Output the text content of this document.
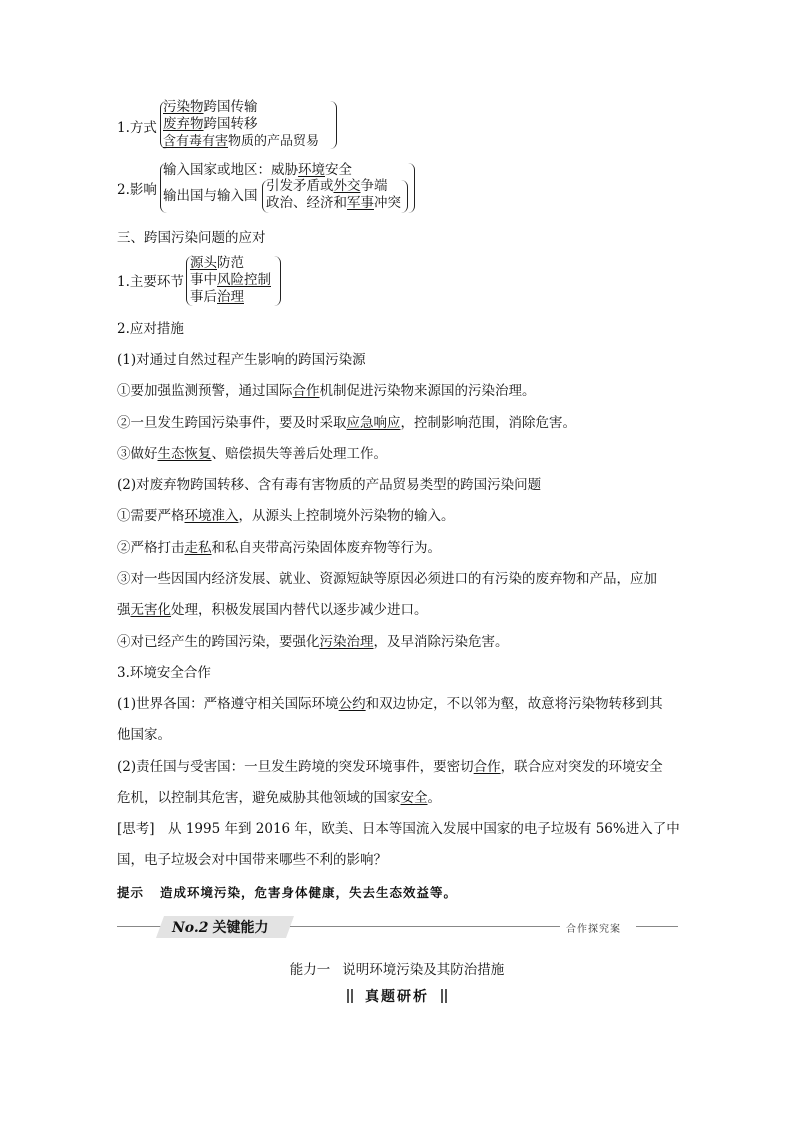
1.方式
污染物跨国传输
废弃物跨国转移
含有毒有害物质的产品贸易
2.影响
输入国家或地区：威胁环境安全
输出国与输入国
引发矛盾或外交争端
政治、经济和军事冲突
三、跨国污染问题的应对
1.主要环节
源头防范
事中风险控制
事后治理
2.应对措施
(1)对通过自然过程产生影响的跨国污染源
①要加强监测预警，通过国际合作机制促进污染物来源国的污染治理。
②一旦发生跨国污染事件，要及时采取应急响应，控制影响范围，消除危害。
③做好生态恢复、赔偿损失等善后处理工作。
(2)对废弃物跨国转移、含有毒有害物质的产品贸易类型的跨国污染问题
①需要严格环境准入，从源头上控制境外污染物的输入。
②严格打击走私和私自夹带高污染固体废弃物等行为。
③对一些因国内经济发展、就业、资源短缺等原因必须进口的有污染的废弃物和产品，应加
强无害化处理，积极发展国内替代以逐步减少进口。
④对已经产生的跨国污染，要强化污染治理，及早消除污染危害。
3.环境安全合作
(1)世界各国：严格遵守相关国际环境公约和双边协定，不以邻为壑，故意将污染物转移到其
他国家。
(2)责任国与受害国：一旦发生跨境的突发环境事件，要密切合作，联合应对突发的环境安全
危机，以控制其危害，避免威胁其他领域的国家安全。
[思考]　从 1995 年到 2016 年，欧美、日本等国流入发展中国家的电子垃圾有 56%进入了中
国，电子垃圾会对中国带来哪些不利的影响？
提示 造成环境污染，危害身体健康，失去生态效益等。
No.2 关键能力	合作探究案
能力一 说明环境污染及其防治措施
真题研析
